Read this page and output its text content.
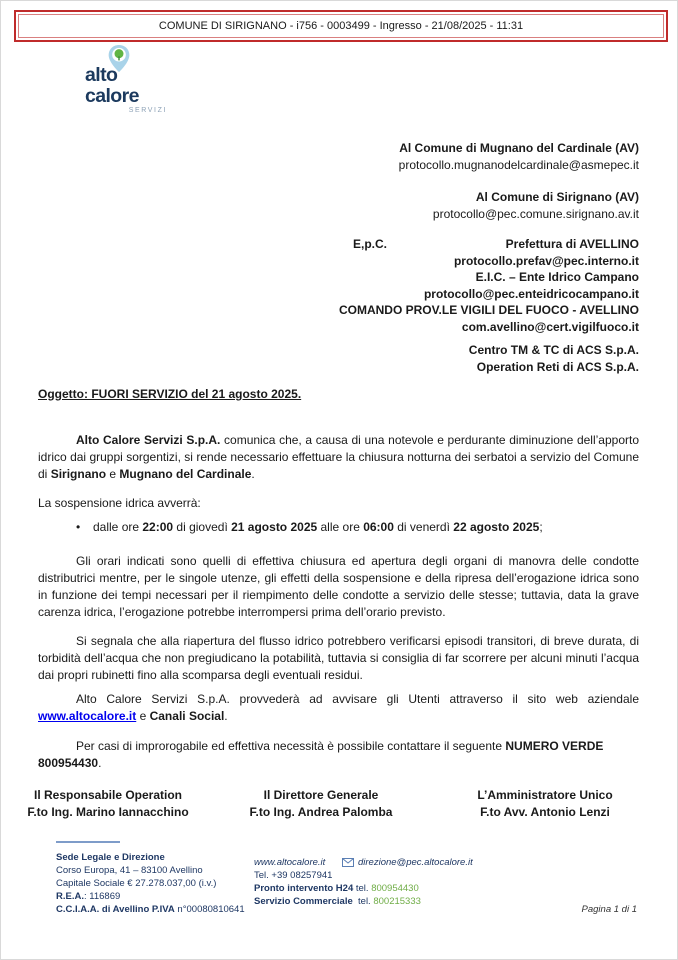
COMUNE DI SIRIGNANO - i756 - 0003499 - Ingresso - 21/08/2025 - 11:31
alto calore
SERVIZI
Al Comune di Mugnano del Cardinale (AV)
protocollo.mugnanodelcardinale@asmepec.it
Al Comune di Sirignano (AV)
protocollo@pec.comune.sirignano.av.it
E,p.C.	Prefettura di AVELLINO
protocollo.prefav@pec.interno.it
E.I.C. – Ente Idrico Campano
protocollo@pec.enteidricocampano.it
COMANDO PROV.LE VIGILI DEL FUOCO - AVELLINO
com.avellino@cert.vigilfuoco.it
Centro TM & TC di ACS S.p.A.
Operation Reti di ACS S.p.A.
Oggetto: FUORI SERVIZIO del 21 agosto 2025.

Alto Calore Servizi S.p.A. comunica che, a causa di una notevole e perdurante diminuzione dell’apporto idrico dai gruppi sorgentizi, si rende necessario effettuare la chiusura notturna dei serbatoi a servizio del Comune di Sirignano e Mugnano del Cardinale.

La sospensione idrica avverrà:

• dalle ore 22:00 di giovedì 21 agosto 2025 alle ore 06:00 di venerdì 22 agosto 2025;

Gli orari indicati sono quelli di effettiva chiusura ed apertura degli organi di manovra delle condotte distributrici mentre, per le singole utenze, gli effetti della sospensione e della ripresa dell’erogazione idrica sono in funzione dei tempi necessari per il riempimento delle condotte a servizio delle stesse; tuttavia, data la grave carenza idrica, l’erogazione potrebbe interrompersi prima dell’orario previsto.

Si segnala che alla riapertura del flusso idrico potrebbero verificarsi episodi transitori, di breve durata, di torbidità dell’acqua che non pregiudicano la potabilità, tuttavia si consiglia di far scorrere per alcuni minuti l’acqua dai propri rubinetti fino alla scomparsa degli eventuali residui.

Alto Calore Servizi S.p.A. provvederà ad avvisare gli Utenti attraverso il sito web aziendale www.altocalore.it e Canali Social.

Per casi di improrogabile ed effettiva necessità è possibile contattare il seguente NUMERO VERDE 800954430.

Il Responsabile Operation
F.to Ing. Marino Iannacchino
Il Direttore Generale
F.to Ing. Andrea Palomba
L’Amministratore Unico
F.to Avv. Antonio Lenzi
Sede Legale e Direzione
Corso Europa, 41 – 83100 Avellino
Capitale Sociale € 27.278.037,00 (i.v.)
R.E.A.: 116869
C.C.I.A.A. di Avellino P.IVA n°00080810641
www.altocalore.it	direzione@pec.altocalore.it
Tel. +39 08257941
Pronto intervento H24 tel. 800954430
Servizio Commerciale tel. 800215333
Pagina 1 di 1
